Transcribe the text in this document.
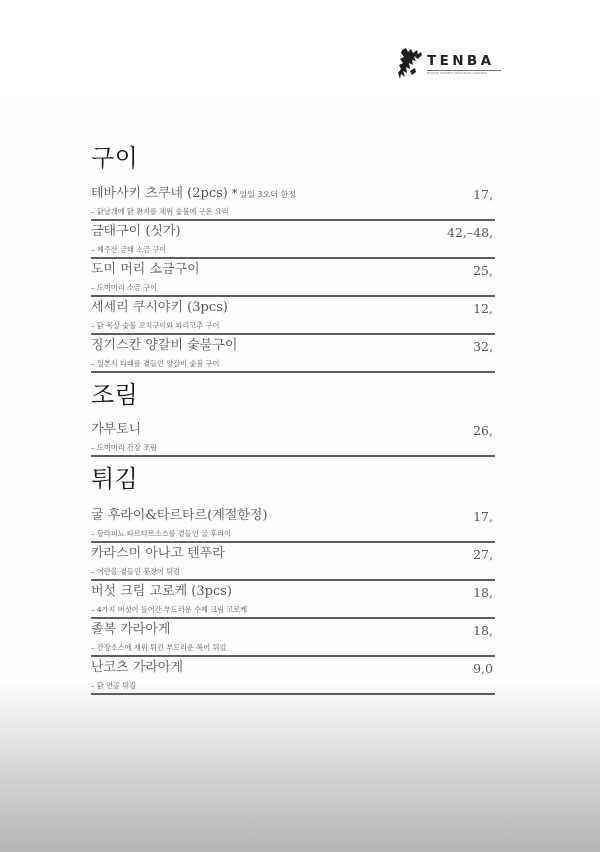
TENBA
MODERN JAPANESE RESTAURANT GANGNAM
구이
테바사키 츠쿠네 (2pcs) * 일일 3오더 한정
– 닭날개에 닭 완자를 채워 숯불에 구운 요리
17,
금태구이 (싯가)
– 제주산 금태 소금 구이
42,–48,
도미 머리 소금구이
– 도미머리 소금 구이
25,
세세리 쿠시야키 (3pcs)
– 닭 목살 숯불 꼬치구이와 파리고추 구이
12,
징기스칸 양갈비 숯불구이
– 일본식 타래를 곁들인 양갈비 숯불 구이
32,
조림
가부토니
– 도미머리 간장 조림
26,
튀김
굴 후라이&타르타르(계절한정)
– 할라피뇨 타르타르소스를 곁들인 굴 후라이
17,
카라스미 아나고 텐푸라
– 어란을 곁들인 붕장어 튀김
27,
버섯 크림 고로케 (3pcs)
– 4가지 버섯이 들어간 부드러운 수제 크림 고로케
18,
졸복 가라아게
– 간장소스에 재워 튀긴 부드러운 복어 튀김
18,
난코츠 가라아게
– 닭 연골 튀김
9,0
